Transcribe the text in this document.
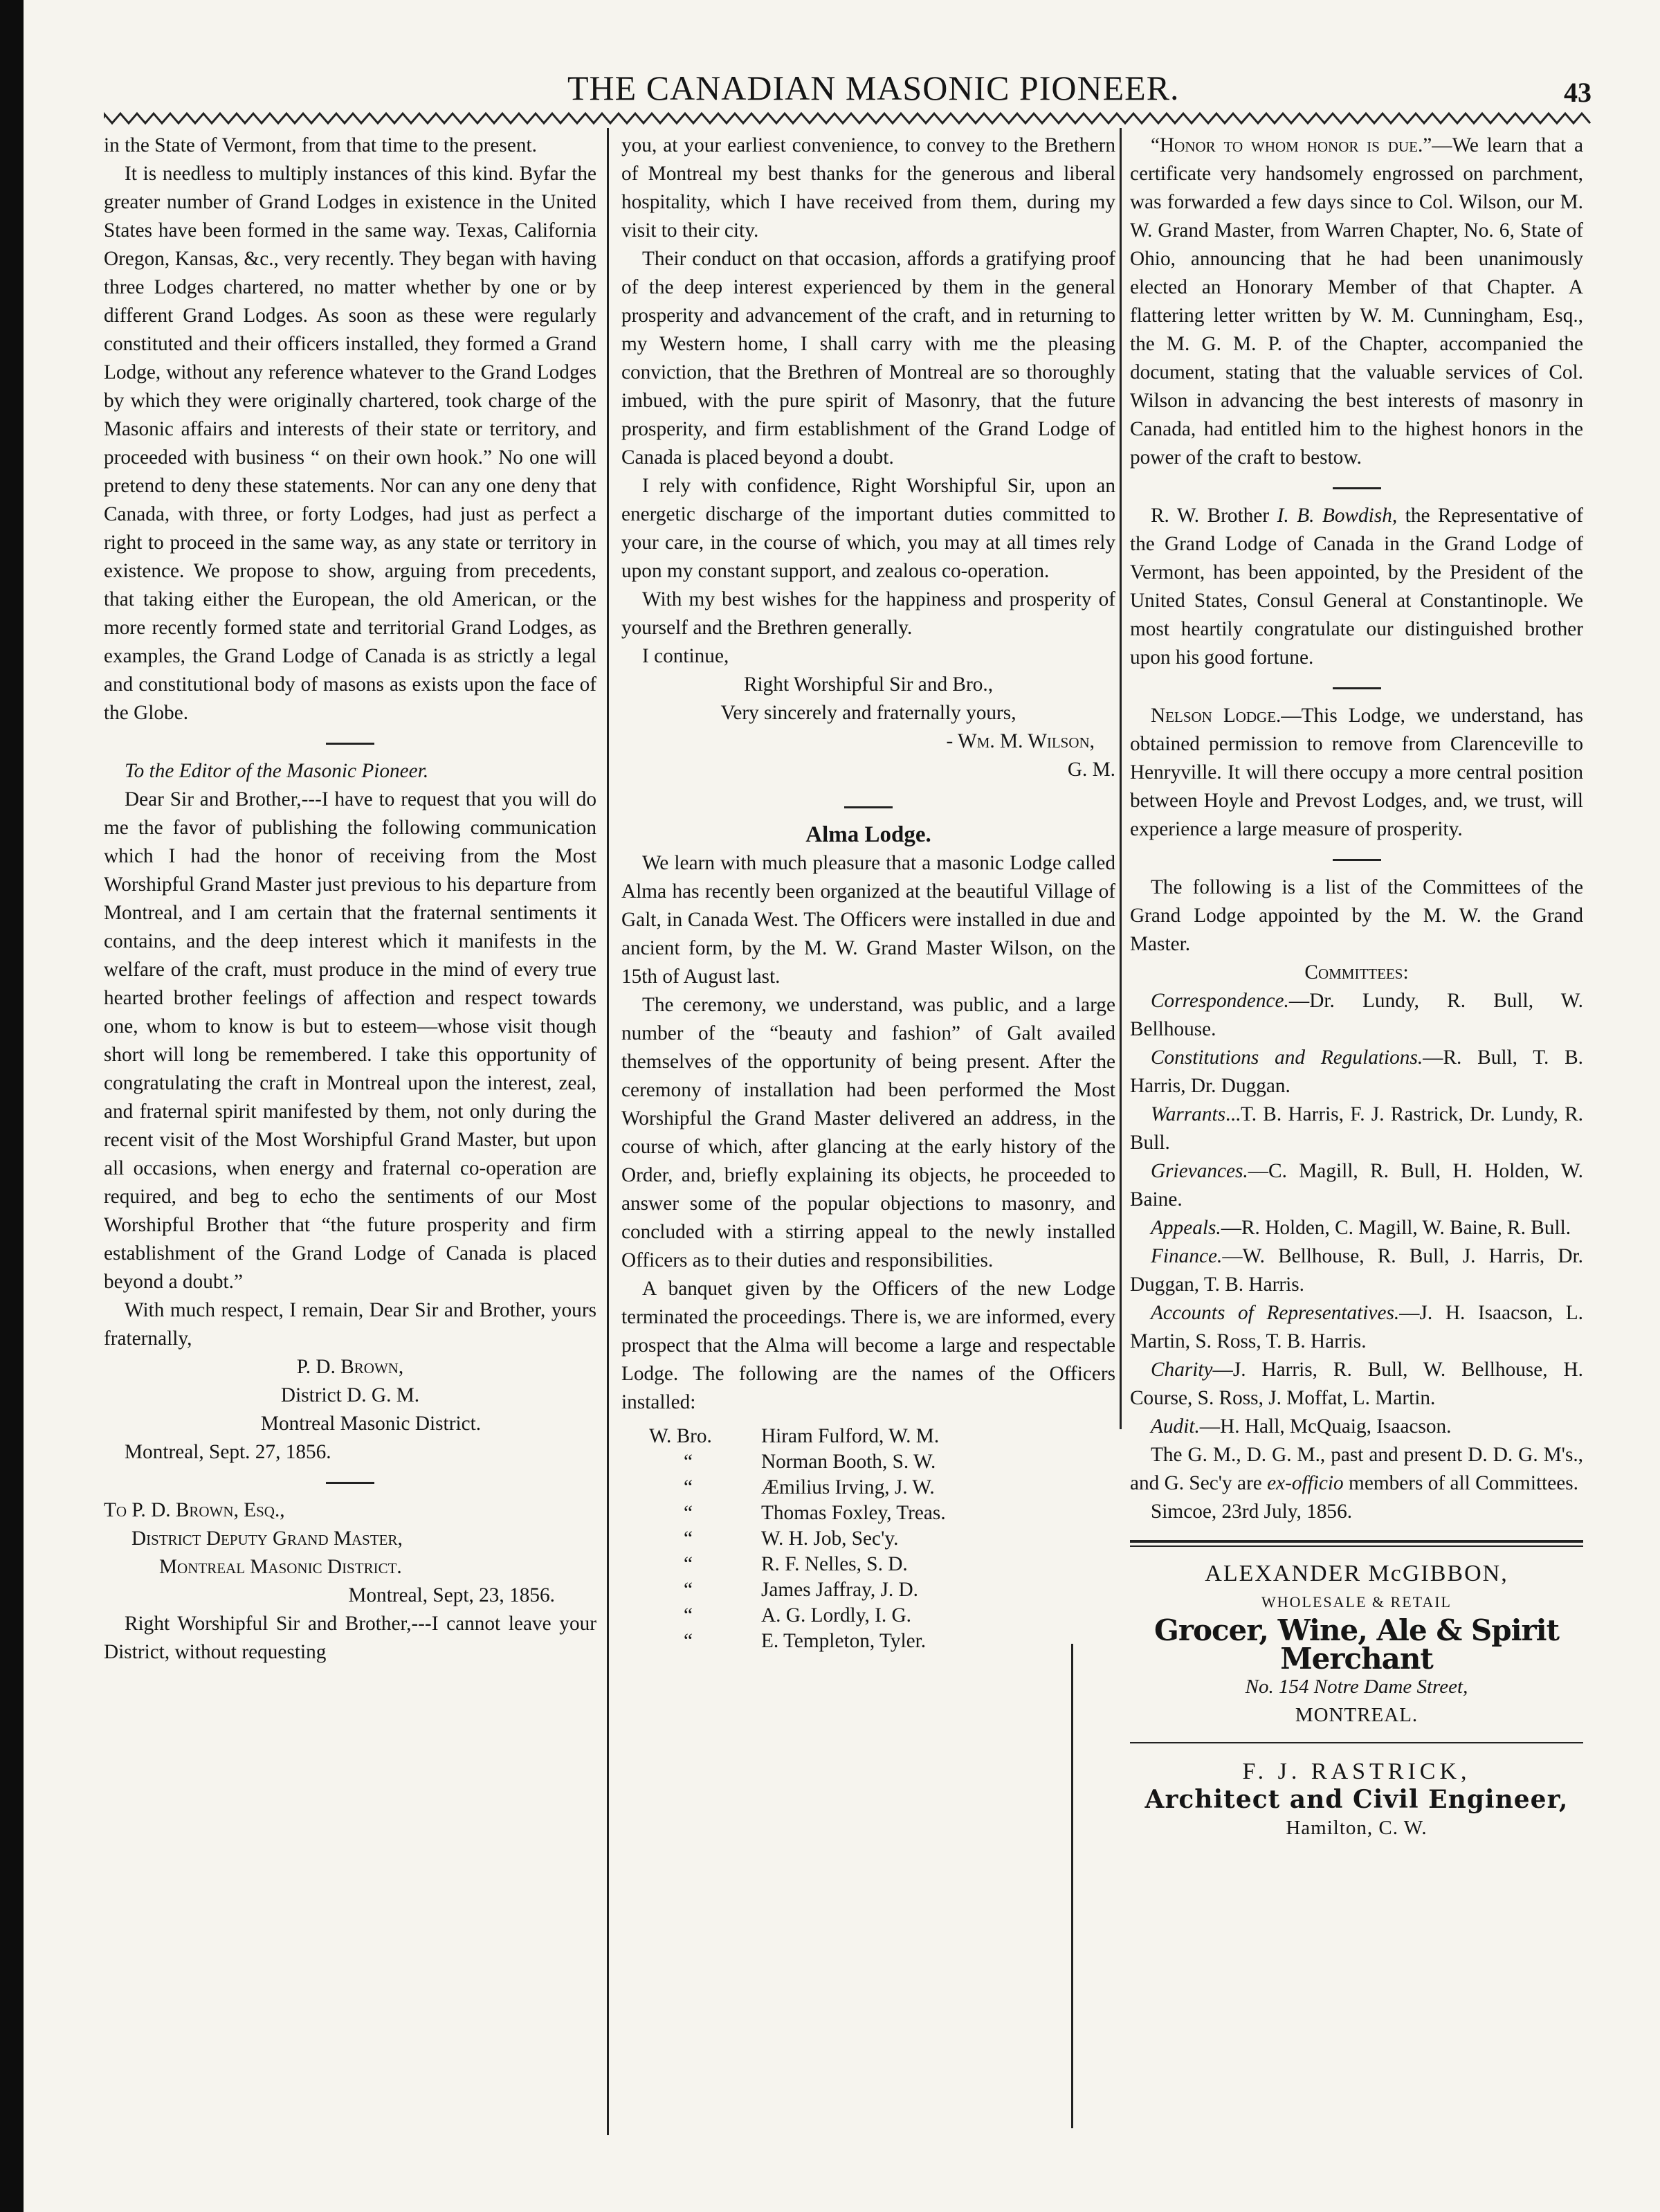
THE CANADIAN MASONIC PIONEER.	43

in the State of Vermont, from that time to the present.

It is needless to multiply instances of this kind. Byfar the greater number of Grand Lodges in existence in the United States have been formed in the same way. Texas, California Oregon, Kansas, &c., very recently. They began with having three Lodges chartered, no matter whether by one or by different Grand Lodges. As soon as these were regularly constituted and their officers installed, they formed a Grand Lodge, without any reference whatever to the Grand Lodges by which they were originally chartered, took charge of the Masonic affairs and interests of their state or territory, and proceeded with business “ on their own hook.” No one will pretend to deny these statements. Nor can any one deny that Canada, with three, or forty Lodges, had just as perfect a right to proceed in the same way, as any state or territory in existence. We propose to show, arguing from precedents, that taking either the European, the old American, or the more recently formed state and territorial Grand Lodges, as examples, the Grand Lodge of Canada is as strictly a legal and constitutional body of masons as exists upon the face of the Globe.

To the Editor of the Masonic Pioneer.

Dear Sir and Brother,---I have to request that you will do me the favor of publishing the following communication which I had the honor of receiving from the Most Worshipful Grand Master just previous to his departure from Montreal, and I am certain that the fraternal sentiments it contains, and the deep interest which it manifests in the welfare of the craft, must produce in the mind of every true hearted brother feelings of affection and respect towards one, whom to know is but to esteem—whose visit though short will long be remembered. I take this opportunity of congratulating the craft in Montreal upon the interest, zeal, and fraternal spirit manifested by them, not only during the recent visit of the Most Worshipful Grand Master, but upon all occasions, when energy and fraternal co-operation are required, and beg to echo the sentiments of our Most Worshipful Brother that “the future prosperity and firm establishment of the Grand Lodge of Canada is placed beyond a doubt.”

With much respect, I remain, Dear Sir and Brother, yours fraternally,

P. D. Brown,

District D. G. M.

Montreal Masonic District.

Montreal, Sept. 27, 1856.

To P. D. Brown, Esq.,

District Deputy Grand Master,

Montreal Masonic District.

Montreal, Sept, 23, 1856.

Right Worshipful Sir and Brother,---I cannot leave your District, without requesting

you, at your earliest convenience, to convey to the Brethern of Montreal my best thanks for the generous and liberal hospitality, which I have received from them, during my visit to their city.

Their conduct on that occasion, affords a gratifying proof of the deep interest experienced by them in the general prosperity and advancement of the craft, and in returning to my Western home, I shall carry with me the pleasing conviction, that the Brethren of Montreal are so thoroughly imbued, with the pure spirit of Masonry, that the future prosperity, and firm establishment of the Grand Lodge of Canada is placed beyond a doubt.

I rely with confidence, Right Worshipful Sir, upon an energetic discharge of the important duties committed to your care, in the course of which, you may at all times rely upon my constant support, and zealous co-operation.

With my best wishes for the happiness and prosperity of yourself and the Brethren generally.

I continue,

Right Worshipful Sir and Bro.,

Very sincerely and fraternally yours,

- Wm. M. Wilson,

G. M.

Alma Lodge.

We learn with much pleasure that a masonic Lodge called Alma has recently been organized at the beautiful Village of Galt, in Canada West. The Officers were installed in due and ancient form, by the M. W. Grand Master Wilson, on the 15th of August last.

The ceremony, we understand, was public, and a large number of the “beauty and fashion” of Galt availed themselves of the opportunity of being present. After the ceremony of installation had been performed the Most Worshipful the Grand Master delivered an address, in the course of which, after glancing at the early history of the Order, and, briefly explaining its objects, he proceeded to answer some of the popular objections to masonry, and concluded with a stirring appeal to the newly installed Officers as to their duties and responsibilities.

A banquet given by the Officers of the new Lodge terminated the proceedings. There is, we are informed, every prospect that the Alma will become a large and respectable Lodge. The following are the names of the Officers installed:

W. Bro.	Hiram Fulford, W. M.
“	Norman Booth, S. W.
“	Æmilius Irving, J. W.
“	Thomas Foxley, Treas.
“	W. H. Job, Sec'y.
“	R. F. Nelles, S. D.
“	James Jaffray, J. D.
“	A. G. Lordly, I. G.
“	E. Templeton, Tyler.

“Honor to whom honor is due.”—We learn that a certificate very handsomely engrossed on parchment, was forwarded a few days since to Col. Wilson, our M. W. Grand Master, from Warren Chapter, No. 6, State of Ohio, announcing that he had been unanimously elected an Honorary Member of that Chapter. A flattering letter written by W. M. Cunningham, Esq., the M. G. M. P. of the Chapter, accompanied the document, stating that the valuable services of Col. Wilson in advancing the best interests of masonry in Canada, had entitled him to the highest honors in the power of the craft to bestow.

R. W. Brother I. B. Bowdish, the Representative of the Grand Lodge of Canada in the Grand Lodge of Vermont, has been appointed, by the President of the United States, Consul General at Constantinople. We most heartily congratulate our distinguished brother upon his good fortune.

Nelson Lodge.—This Lodge, we understand, has obtained permission to remove from Clarenceville to Henryville. It will there occupy a more central position between Hoyle and Prevost Lodges, and, we trust, will experience a large measure of prosperity.

The following is a list of the Committees of the Grand Lodge appointed by the M. W. the Grand Master.

Committees:

Correspondence.—Dr. Lundy, R. Bull, W. Bellhouse.

Constitutions and Regulations.—R. Bull, T. B. Harris, Dr. Duggan.

Warrants...T. B. Harris, F. J. Rastrick, Dr. Lundy, R. Bull.

Grievances.—C. Magill, R. Bull, H. Holden, W. Baine.

Appeals.—R. Holden, C. Magill, W. Baine, R. Bull.

Finance.—W. Bellhouse, R. Bull, J. Harris, Dr. Duggan, T. B. Harris.

Accounts of Representatives.—J. H. Isaacson, L. Martin, S. Ross, T. B. Harris.

Charity—J. Harris, R. Bull, W. Bellhouse, H. Course, S. Ross, J. Moffat, L. Martin.

Audit.—H. Hall, McQuaig, Isaacson.

The G. M., D. G. M., past and present D. D. G. M's., and G. Sec'y are ex-officio members of all Committees.

Simcoe, 23rd July, 1856.

ALEXANDER McGIBBON,
WHOLESALE & RETAIL
Grocer, Wine, Ale & Spirit Merchant
No. 154 Notre Dame Street,
MONTREAL.
F. J. RASTRICK,
Architect and Civil Engineer,
Hamilton, C. W.
